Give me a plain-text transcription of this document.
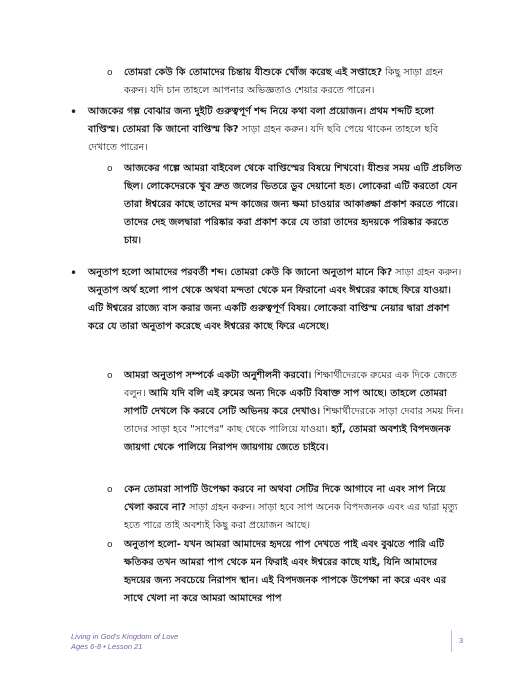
o তোমরা কেউ কি তোমাদের চিন্তায় যীশুকে খোঁজ করেছ এই সপ্তাহে? কিছু সাড়া গ্রহন করুন। যদি চান তাহলে আপনার অভিজ্ঞতাও শেয়ার করতে পারেন।
• আজকের গল্প বোঝার জন্য দুইটি গুরুত্বপূর্ণ শব্দ নিয়ে কথা বলা প্রয়োজন। প্রথম শব্দটি হলো বাপ্তিস্ম। তোমরা কি জানো বাপ্তিস্ম কি? সাড়া গ্রহন করুন। যদি ছবি পেয়ে থাকেন তাহলে ছবি দেখাতে পারেন।
o আজকের গল্পে আমরা বাইবেল থেকে বাপ্তিস্মের বিষয়ে শিখবো। যীশুর সময় এটি প্রচলিত ছিল। লোকেদেরকে খুব দ্রুত জলের ভিতরে ডুব দেয়ানো হত। লোকেরা এটি করতো যেন তারা ঈশ্বরের কাছে তাদের মন্দ কাজের জন্য ক্ষমা চাওয়ার আকাঙ্ক্ষা প্রকাশ করতে পারে। তাদের দেহ জলদ্বারা পরিষ্কার করা প্রকাশ করে যে তারা তাদের হৃদয়কে পরিষ্কার করতে চায়।
• অনুতাপ হলো আমাদের পরবর্তী শব্দ। তোমরা কেউ কি জানো অনুতাপ মানে কি? সাড়া গ্রহন করুন। অনুতাপ অর্থ হলো পাপ থেকে অথবা মন্দতা থেকে মন ফিরানো এবং ঈশ্বরের কাছে ফিরে যাওয়া। এটি ঈশ্বরের রাজ্যে বাস করার জন্য একটি গুরুত্বপূর্ণ বিষয়। লোকেরা বাপ্তিস্ম নেয়ার দ্বারা প্রকাশ করে যে তারা অনুতাপ করেছে এবং ঈশ্বরের কাছে ফিরে এসেছে।
o আমরা অনুতাপ সম্পর্কে একটা অনুশীলনী করবো। শিক্ষার্থীদেরকে রুমের এক দিকে জেতে বলুন। আমি যদি বলি এই রুমের অন্য দিকে একটি বিষাক্ত সাপ আছে। তাহলে তোমরা সাপটি দেখলে কি করবে সেটি অভিনয় করে দেখাও। শিক্ষার্থীদেরকে সাড়া দেবার সময় দিন। তাদের সাড়া হবে "সাপের" কাছ থেকে পালিয়ে যাওয়া। হ্যাঁ, তোমরা অবশ্যই বিপদজনক জায়গা থেকে পালিয়ে নিরাপদ জায়গায় জেতে চাইবে।
o কেন তোমরা সাপটি উপেক্ষা করবে না অথবা সেটির দিকে আগাবে না এবং সাপ নিয়ে খেলা করবে না? সাড়া গ্রহন করুন। সাড়া হবে সাপ অনেক বিপদজনক এবং এর দ্বারা মৃত্যু হতে পারে তাই অবশ্যই কিছু করা প্রয়োজন আছে।
o অনুতাপ হলো- যখন আমরা আমাদের হৃদয়ে পাপ দেখতে পাই এবং বুঝতে পারি এটি ক্ষতিকর তখন আমরা পাপ থেকে মন ফিরাই এবং ঈশ্বরের কাছে যাই, যিনি আমাদের হৃদয়ের জন্য সবচেয়ে নিরাপদ স্থান। এই বিপদজনক পাপকে উপেক্ষা না করে এবং এর সাথে খেলা না করে আমরা আমাদের পাপ
Living in God's Kingdom of Love
Ages 6-8 • Lesson 21
3
